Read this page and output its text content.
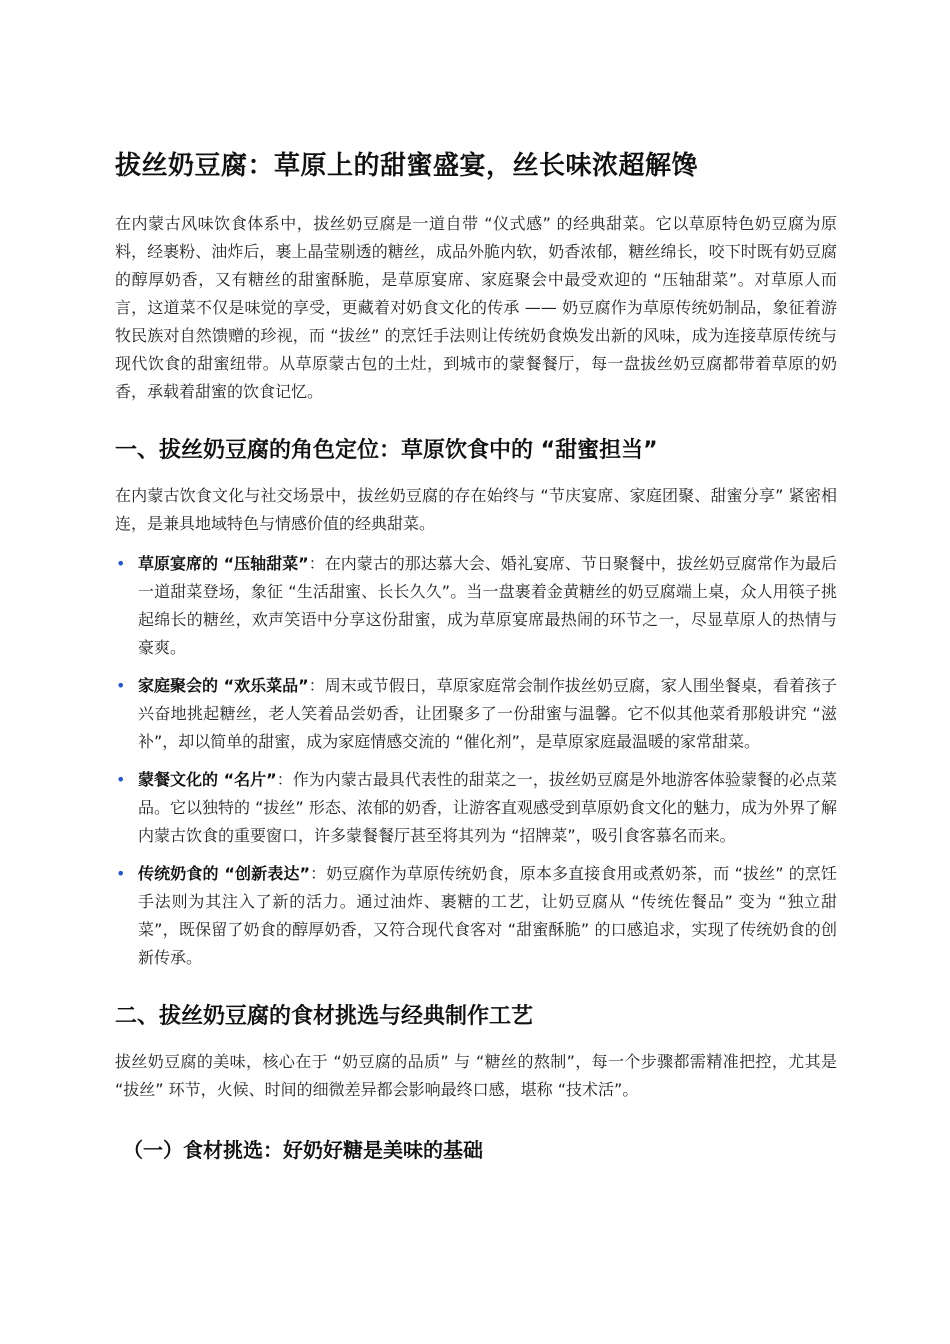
拔丝奶豆腐：草原上的甜蜜盛宴，丝长味浓超解馋

在内蒙古风味饮食体系中，拔丝奶豆腐是一道自带 “仪式感” 的经典甜菜。它以草原特色奶豆腐为原料，经裹粉、油炸后，裹上晶莹剔透的糖丝，成品外脆内软，奶香浓郁，糖丝绵长，咬下时既有奶豆腐的醇厚奶香，又有糖丝的甜蜜酥脆，是草原宴席、家庭聚会中最受欢迎的 “压轴甜菜”。对草原人而言，这道菜不仅是味觉的享受，更藏着对奶食文化的传承 —— 奶豆腐作为草原传统奶制品，象征着游牧民族对自然馈赠的珍视，而 “拔丝” 的烹饪手法则让传统奶食焕发出新的风味，成为连接草原传统与现代饮食的甜蜜纽带。从草原蒙古包的土灶，到城市的蒙餐餐厅，每一盘拔丝奶豆腐都带着草原的奶香，承载着甜蜜的饮食记忆。

一、拔丝奶豆腐的角色定位：草原饮食中的 “甜蜜担当”

在内蒙古饮食文化与社交场景中，拔丝奶豆腐的存在始终与 “节庆宴席、家庭团聚、甜蜜分享” 紧密相连，是兼具地域特色与情感价值的经典甜菜。

• 草原宴席的 “压轴甜菜”：在内蒙古的那达慕大会、婚礼宴席、节日聚餐中，拔丝奶豆腐常作为最后一道甜菜登场，象征 “生活甜蜜、长长久久”。当一盘裹着金黄糖丝的奶豆腐端上桌，众人用筷子挑起绵长的糖丝，欢声笑语中分享这份甜蜜，成为草原宴席最热闹的环节之一，尽显草原人的热情与豪爽。
• 家庭聚会的 “欢乐菜品”：周末或节假日，草原家庭常会制作拔丝奶豆腐，家人围坐餐桌，看着孩子兴奋地挑起糖丝，老人笑着品尝奶香，让团聚多了一份甜蜜与温馨。它不似其他菜肴那般讲究 “滋补”，却以简单的甜蜜，成为家庭情感交流的 “催化剂”，是草原家庭最温暖的家常甜菜。
• 蒙餐文化的 “名片”：作为内蒙古最具代表性的甜菜之一，拔丝奶豆腐是外地游客体验蒙餐的必点菜品。它以独特的 “拔丝” 形态、浓郁的奶香，让游客直观感受到草原奶食文化的魅力，成为外界了解内蒙古饮食的重要窗口，许多蒙餐餐厅甚至将其列为 “招牌菜”，吸引食客慕名而来。
• 传统奶食的 “创新表达”：奶豆腐作为草原传统奶食，原本多直接食用或煮奶茶，而 “拔丝” 的烹饪手法则为其注入了新的活力。通过油炸、裹糖的工艺，让奶豆腐从 “传统佐餐品” 变为 “独立甜菜”，既保留了奶食的醇厚奶香，又符合现代食客对 “甜蜜酥脆” 的口感追求，实现了传统奶食的创新传承。
二、拔丝奶豆腐的食材挑选与经典制作工艺

拔丝奶豆腐的美味，核心在于 “奶豆腐的品质” 与 “糖丝的熬制”，每一个步骤都需精准把控，尤其是 “拔丝” 环节，火候、时间的细微差异都会影响最终口感，堪称 “技术活”。

（一）食材挑选：好奶好糖是美味的基础
